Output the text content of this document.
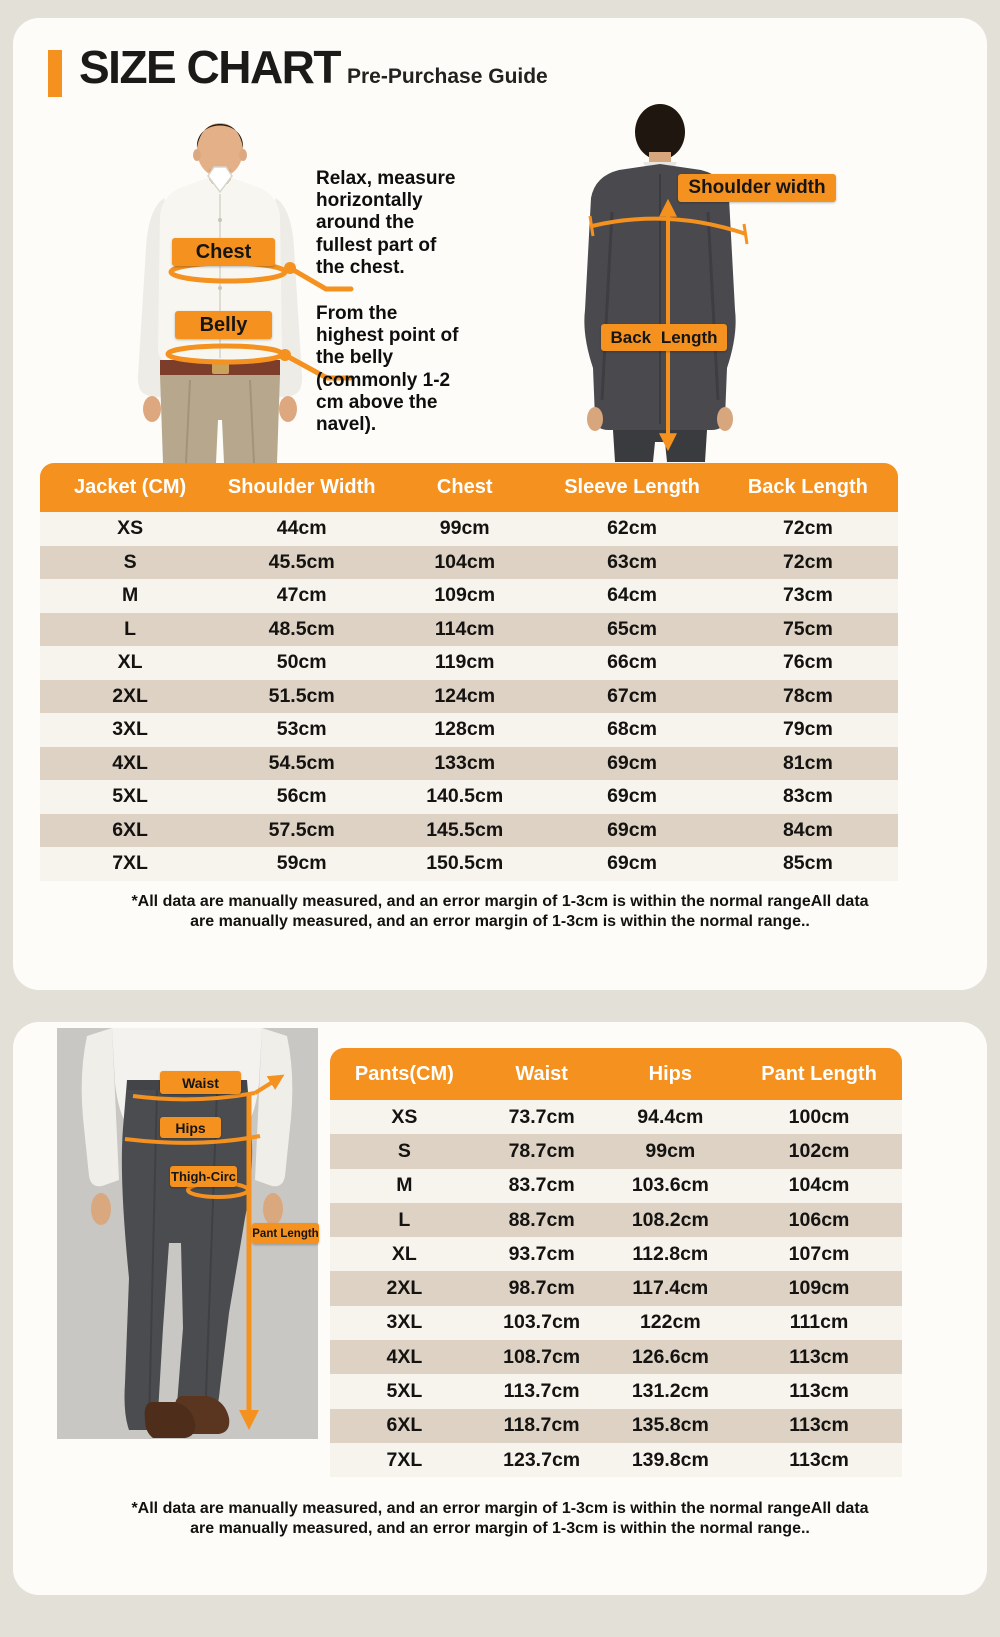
SIZE CHART Pre-Purchase Guide
Chest
Belly
Shoulder width
Back Length
Relax, measure horizontally around the fullest part of the chest.
From the highest point of the belly (commonly 1-2 cm above the navel).
Jacket (CM)	Shoulder Width	Chest	Sleeve Length	Back Length
XS	44cm	99cm	62cm	72cm
S	45.5cm	104cm	63cm	72cm
M	47cm	109cm	64cm	73cm
L	48.5cm	114cm	65cm	75cm
XL	50cm	119cm	66cm	76cm
2XL	51.5cm	124cm	67cm	78cm
3XL	53cm	128cm	68cm	79cm
4XL	54.5cm	133cm	69cm	81cm
5XL	56cm	140.5cm	69cm	83cm
6XL	57.5cm	145.5cm	69cm	84cm
7XL	59cm	150.5cm	69cm	85cm
*All data are manually measured, and an error margin of 1-3cm is within the normal rangeAll data
are manually measured, and an error margin of 1-3cm is within the normal range..
Waist
Hips
Thigh-Circ
Pant Length
Pants(CM)	Waist	Hips	Pant Length
XS	73.7cm	94.4cm	100cm
S	78.7cm	99cm	102cm
M	83.7cm	103.6cm	104cm
L	88.7cm	108.2cm	106cm
XL	93.7cm	112.8cm	107cm
2XL	98.7cm	117.4cm	109cm
3XL	103.7cm	122cm	111cm
4XL	108.7cm	126.6cm	113cm
5XL	113.7cm	131.2cm	113cm
6XL	118.7cm	135.8cm	113cm
7XL	123.7cm	139.8cm	113cm
*All data are manually measured, and an error margin of 1-3cm is within the normal rangeAll data
are manually measured, and an error margin of 1-3cm is within the normal range..
